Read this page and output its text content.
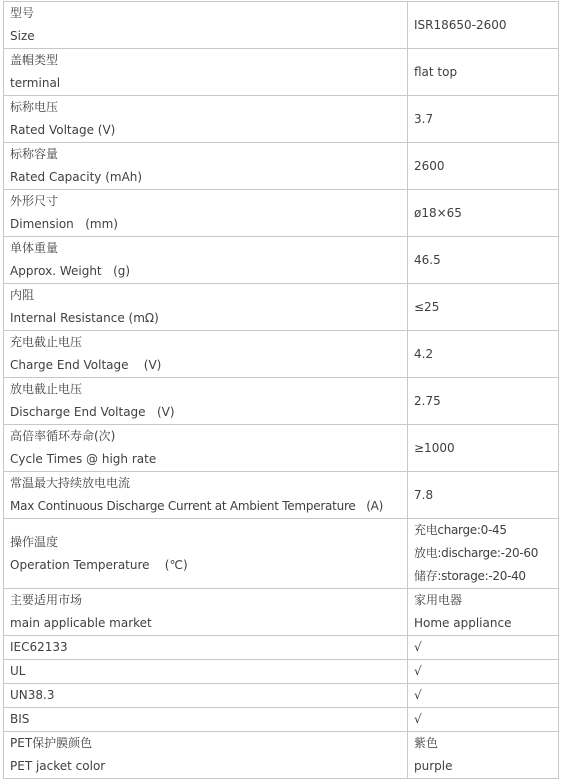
型号
Size	ISR18650-2600

盖帽类型
terminal	flat top

标称电压
Rated Voltage (V)	3.7

标称容量
Rated Capacity (mAh)	2600

外形尺寸
Dimension   (mm)	ø18×65

单体重量
Approx. Weight   (g)	46.5

内阻
Internal Resistance (mΩ)	≤25

充电截止电压
Charge End Voltage    (V)	4.2

放电截止电压
Discharge End Voltage   (V)	2.75

高倍率循环寿命(次)
Cycle Times @ high rate	≥1000

常温最大持续放电电流
Max Continuous Discharge Current at Ambient Temperature   (A)	7.8

操作温度
Operation Temperature    (℃)	充电charge:0-45
放电:discharge:-20-60
储存:storage:-20-40

主要适用市场
main applicable market	家用电器
Home appliance

IEC62133	√
UL	√
UN38.3	√
BIS	√

PET保护膜颜色
PET jacket color	紫色
purple
